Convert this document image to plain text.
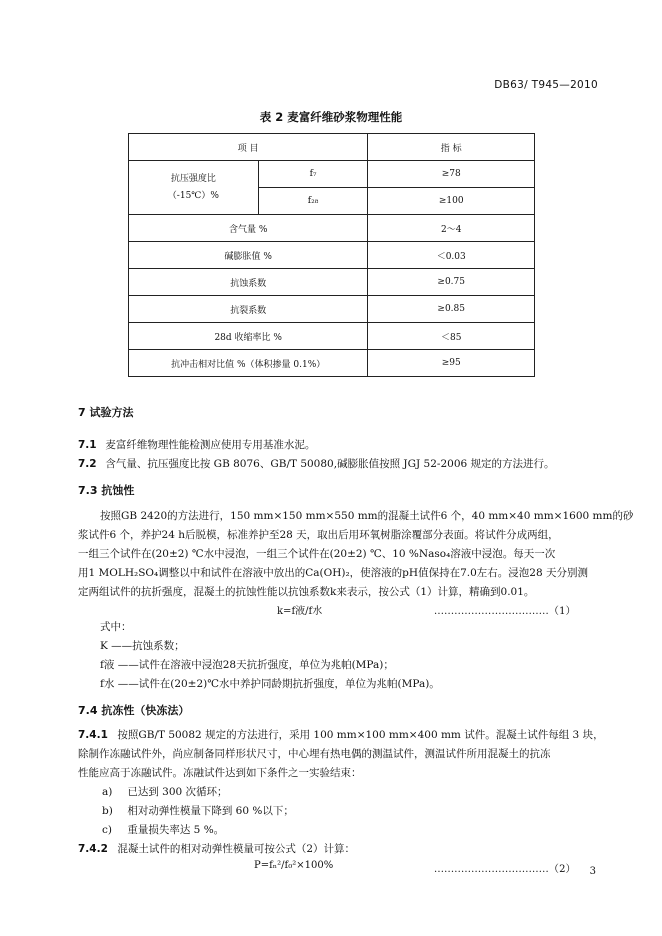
DB63/ T945—2010
表 2 麦富纤维砂浆物理性能
项 目		指 标

抗压强度比
（-15℃）%	f₇	≥78
	f₂₈	≥100
含气量 %		2～4
碱膨胀值 %		＜0.03
抗蚀系数		≥0.75
抗裂系数		≥0.85
28d 收缩率比 %		＜85
抗冲击相对比值 %（体积掺量 0.1%）		≥95
7 试验方法
7.1 麦富纤维物理性能检测应使用专用基准水泥。
7.2 含气量、抗压强度比按 GB 8076、GB/T 50080,碱膨胀值按照 JGJ 52-2006 规定的方法进行。
7.3 抗蚀性
按照GB 2420的方法进行，150 mm×150 mm×550 mm的混凝土试件6 个，40 mm×40 mm×1600 mm的砂
浆试件6 个，养护24 h后脱模，标准养护至28 天，取出后用环氧树脂涂覆部分表面。将试件分成两组，
一组三个试件在(20±2) ℃水中浸泡，一组三个试件在(20±2) ℃、10 %Naso₄溶液中浸泡。每天一次
用1 MOLH₂SO₄调整以中和试件在溶液中放出的Ca(OH)₂，使溶液的pH值保持在7.0左右。浸泡28 天分别测
定两组试件的抗折强度，混凝土的抗蚀性能以抗蚀系数k来表示，按公式（1）计算，精确到0.01。
k=f液/f水	..................................（1）
式中：
K ——抗蚀系数；
f液 ——试件在溶液中浸泡28天抗折强度，单位为兆帕(MPa)；
f水 ——试件在(20±2)℃水中养护同龄期抗折强度，单位为兆帕(MPa)。
7.4 抗冻性（快冻法）
7.4.1 按照GB/T 50082 规定的方法进行，采用 100 mm×100 mm×400 mm 试件。混凝土试件每组 3 块，
除制作冻融试件外，尚应制备同样形状尺寸，中心埋有热电偶的测温试件，测温试件所用混凝土的抗冻
性能应高于冻融试件。冻融试件达到如下条件之一实验结束：
a) 已达到 300 次循环；
b) 相对动弹性模量下降到 60 %以下；
c) 重量损失率达 5 %。
7.4.2 混凝土试件的相对动弹性模量可按公式（2）计算：
P=fₙ²/f₀²×100%	..................................（2） 3
